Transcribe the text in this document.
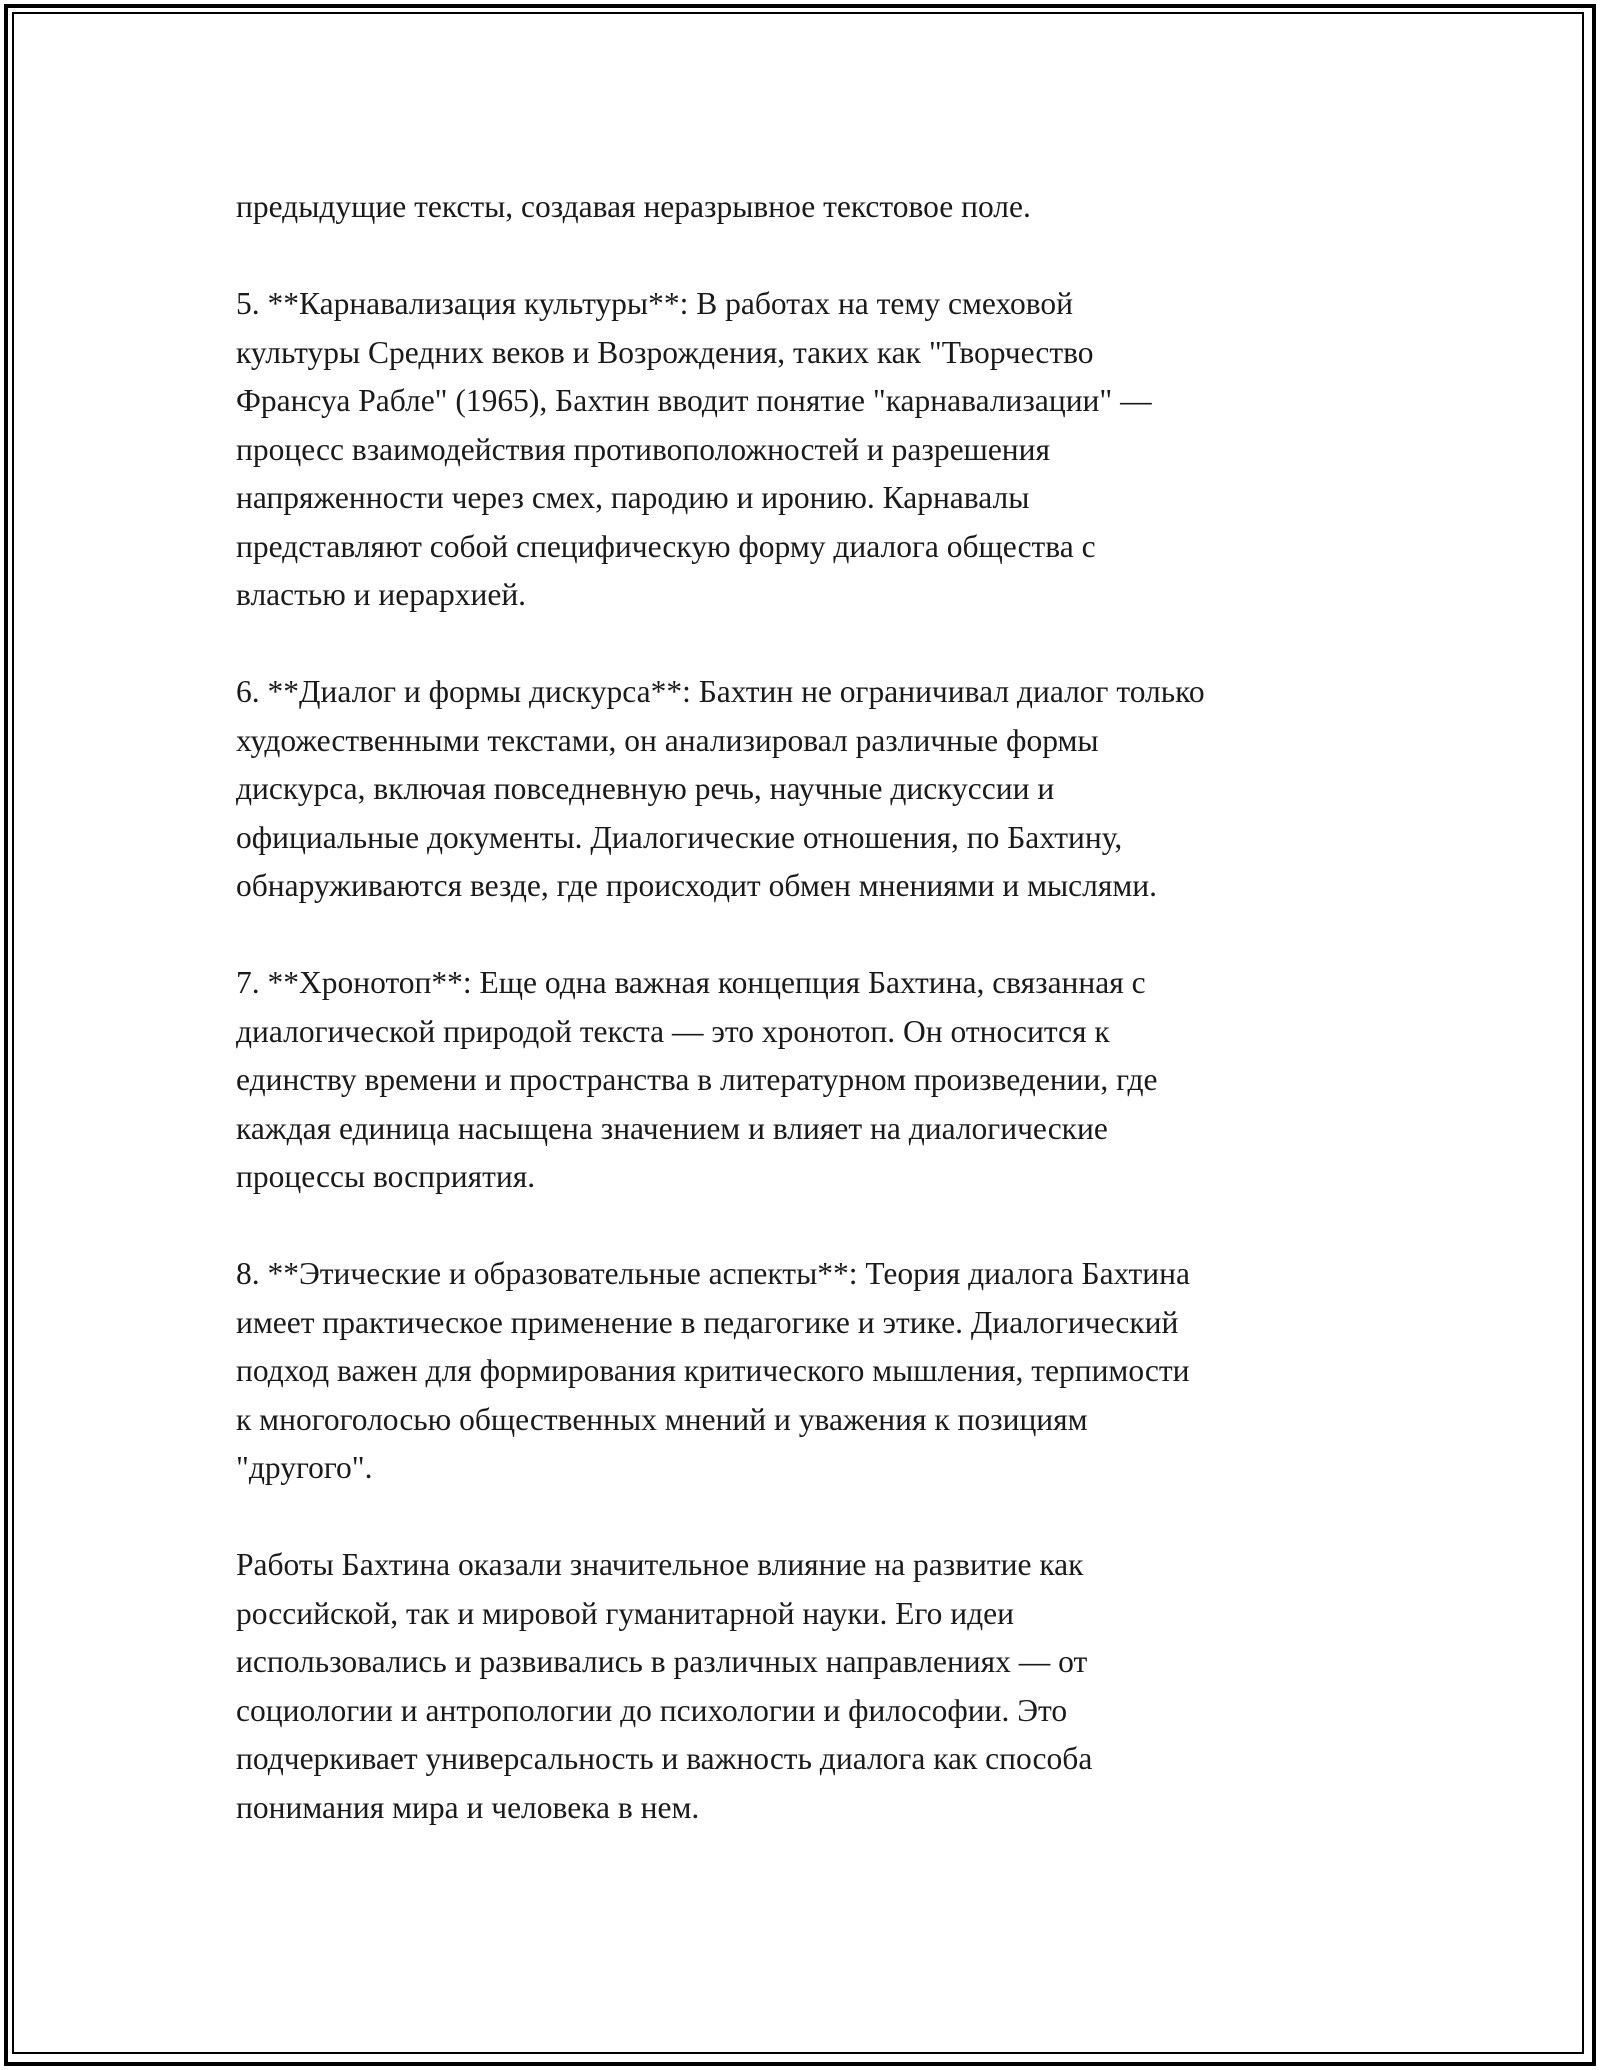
предыдущие тексты, создавая неразрывное текстовое поле.
5. **Карнавализация культуры**: В работах на тему смеховой
культуры Средних веков и Возрождения, таких как "Творчество
Франсуа Рабле" (1965), Бахтин вводит понятие "карнавализации" —
процесс взаимодействия противоположностей и разрешения
напряженности через смех, пародию и иронию. Карнавалы
представляют собой специфическую форму диалога общества с
властью и иерархией.
6. **Диалог и формы дискурса**: Бахтин не ограничивал диалог только
художественными текстами, он анализировал различные формы
дискурса, включая повседневную речь, научные дискуссии и
официальные документы. Диалогические отношения, по Бахтину,
обнаруживаются везде, где происходит обмен мнениями и мыслями.
7. **Хронотоп**: Еще одна важная концепция Бахтина, связанная с
диалогической природой текста — это хронотоп. Он относится к
единству времени и пространства в литературном произведении, где
каждая единица насыщена значением и влияет на диалогические
процессы восприятия.
8. **Этические и образовательные аспекты**: Теория диалога Бахтина
имеет практическое применение в педагогике и этике. Диалогический
подход важен для формирования критического мышления, терпимости
к многоголосью общественных мнений и уважения к позициям
"другого".
Работы Бахтина оказали значительное влияние на развитие как
российской, так и мировой гуманитарной науки. Его идеи
использовались и развивались в различных направлениях — от
социологии и антропологии до психологии и философии. Это
подчеркивает универсальность и важность диалога как способа
понимания мира и человека в нем.
